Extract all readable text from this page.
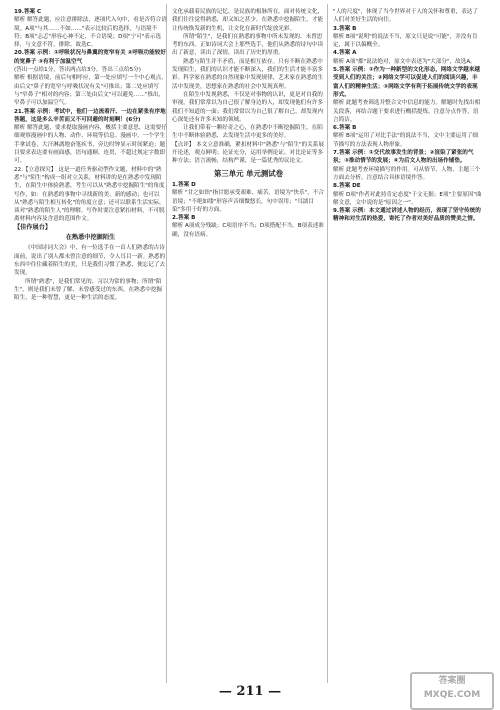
19.答案 C

解析 解答此题，应注意排除法，逐项代入句中，看是否符合语境。A项"与其……不如……"表示比较后的选择，与语境不符；B项"忐忑"形容心神不定，不合语境；D项"宁可"表示选择，与文意不符，排除。故选C。

20.答案 示例：①呼吸状况与鼻翼的宽窄有关 ②呼吸功能较好的宽鼻子 ③有利于加温空气

(答出一点给1分，答出两点给3分，答出三点给5分)

解析 根据语境，前后句相呼应，第一处应填写一个中心观点，由后文"鼻子的宽窄与呼吸状况有关"可推出；第二处应填写与"窄鼻子"相对的内容；第三处由后文"可以避免……"推出，窄鼻子可以加温空气。

21.答案 示例：考试中，他们一边流着汗、一边在紧张有序地答题，这是多么辛苦而又不可回避的时刻啊！(6分)

解析 解答此题，要求提取漫画内容，概括主要意思，这需要仔细观察漫画中的人物、动作、环境等信息。漫画中，一个学生手拿试卷，大汗淋漓地奋笔疾书，旁边时钟显示时间紧迫；题目要求表达要有画面感，语句通顺、连贯，不超过规定字数即可。

22.【立意探究】 这是一道任务驱动型作文题，材料中的"熟悉"与"陌生"构成一组对立关系，材料讲的是在熟悉中发现陌生，在陌生中体验熟悉。考生可以从"熟悉中挖掘陌生"的角度写作，如：在熟悉的事物中寻找新的美、新的感动；也可以从"熟悉与陌生相互转化"的角度立意；还可以联系生活实际，谈对"熟悉的陌生人"的理解。写作时要注意紧扣材料，不可脱离材料内容及含意的范围作文。

【佳作展台】

在熟悉中挖掘陌生

《中国诗词大会》中，有一位选手在一首人们熟悉的古诗面前，说出了别人都未曾注意的细节，令人耳目一新。熟悉的东西中往往藏着陌生的美，只是我们习惯了熟悉，便忘记了去发现。

所谓"熟悉"，是我们常见的、习以为常的事物；所谓"陌生"，则是我们未曾了解、未曾感受过的东西。在熟悉中挖掘陌生，是一种智慧，更是一种生活的态度。

文化承载着民族的记忆，是民族的根脉所在。面对传统文化，我们往往觉得熟悉，却又知之甚少。在熟悉中挖掘陌生，才能让传统焕发新的生机，让文化在新时代绽放光彩。

所谓"陌生"，是我们在熟悉的事物中所未发现的、未曾思考的东西。正如诗词大会上那些选手，他们从熟悉的诗句中读出了新意，读出了深情，读出了历史的厚重。

熟悉与陌生并不矛盾，而是相互依存。只有不断在熟悉中发现陌生，我们的认识才能不断深入，我们的生活才能丰富多彩。科学家在熟悉的自然现象中发现规律，艺术家在熟悉的生活中发现美，思想家在熟悉的社会中发现真理。

在陌生中发现熟悉，不仅是对事物的认识，更是对自我的审视。我们常常以为自己很了解身边的人，却发现他们有许多我们不知道的一面；我们常常以为自己很了解自己，却发现内心深处还有许多未知的领域。

让我们带着一颗好奇之心，在熟悉中不断挖掘陌生，在陌生中不断体验熟悉，去发现生活中更多的美好。

【点评】 本文立意准确，紧扣材料中"熟悉"与"陌生"的关系展开论述，观点鲜明；论证充分，运用举例论证、对比论证等多种方法；语言流畅，结构严谨，是一篇优秀的议论文。

第三单元 单元测试卷

1.答案 D

解析 "甘之如饴"指甘愿承受艰难、痛苦，语境为"快乐"，不合语境；"不绝如缕"形容声音细微悠长，句中误用；"耳濡目染"多用于好的方面。

2.答案 B

解析 A项成分残缺；C项语序不当；D项搭配不当。B项表述准确，没有语病。

"人的尺度"，体现了当今世界对于人的关怀和尊重，表达了人们对美好生活的向往。

3.答案 B

解析 B项"说明"的说法不当，原文只是说"可能"，并没有肯定，属于以偏概全。

4.答案 A

解析 A项"都"说法绝对，原文中表述为"大部分"，故选A。

5.答案 示例：①作为一种新型的文化形态，网络文学越来越受到人们的关注；②网络文学可以促进人们的阅读兴趣，丰富人们的精神生活；③网络文学有利于拓展传统文学的表现形式。

解析 此题考查筛选并整合文中信息的能力。解题时先找出相关段落，再结合题干要求进行概括提炼，注意分点作答，语言简洁。

6.答案 B

解析 B项"运用了对比手法"的说法不当，文中主要运用了细节描写的方法表现人物形象。

7.答案 示例：①交代故事发生的背景；②渲染了紧张的气氛；③推动情节的发展；④为后文人物的出场作铺垫。

解析 此题考查环境描写的作用。可从情节、人物、主题三个方面去分析，注意结合具体语境作答。

8.答案 DE

解析 D项"作者对此持肯定态度"于文无据；E项"主要原因"曲解文意，文中说的是"原因之一"。

9.答案 示例：本文通过讲述人物的经历，表现了坚守传统的精神和对生活的热爱，寄托了作者对美好品质的赞美之情。

— 211 —
答案圈
MXQE.COM
